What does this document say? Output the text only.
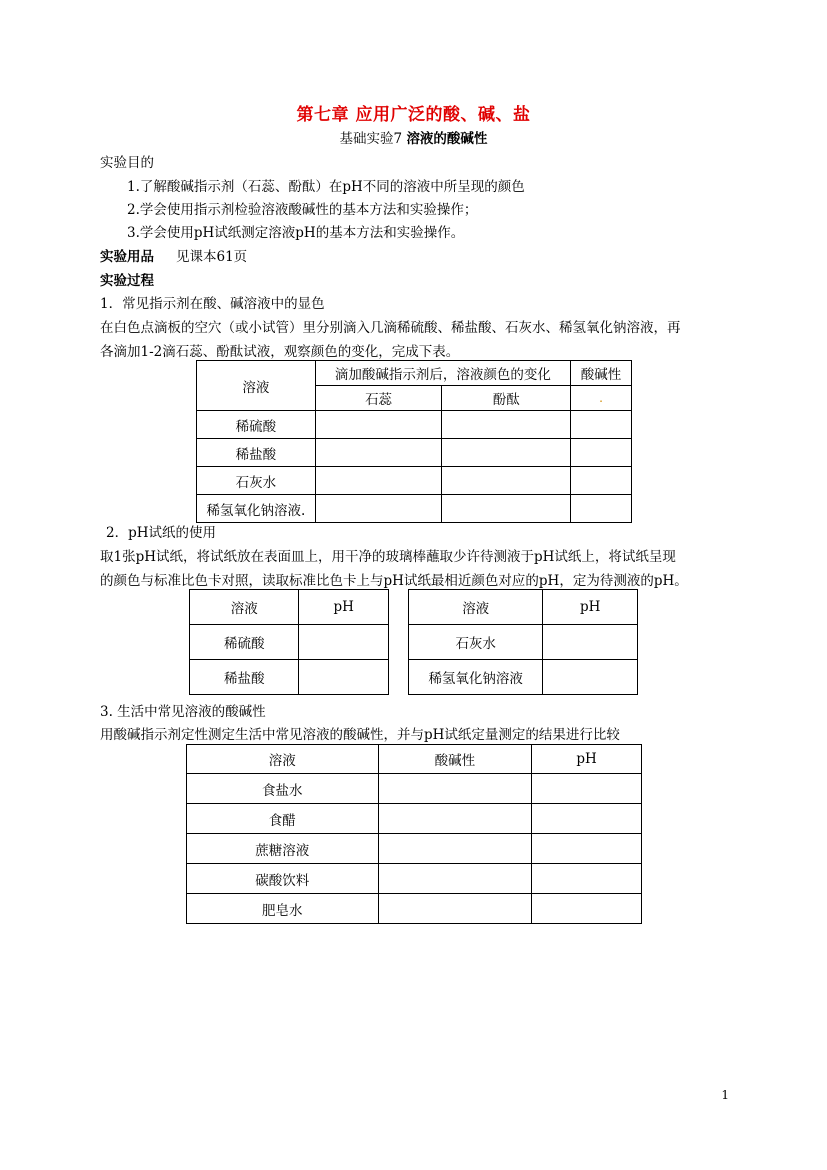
第七章 应用广泛的酸、碱、盐
基础实验7 溶液的酸碱性
实验目的
1.了解酸碱指示剂（石蕊、酚酞）在pH不同的溶液中所呈现的颜色
2.学会使用指示剂检验溶液酸碱性的基本方法和实验操作；
3.学会使用pH试纸测定溶液pH的基本方法和实验操作。
实验用品 见课本61页
实验过程
1．常见指示剂在酸、碱溶液中的显色
在白色点滴板的空穴（或小试管）里分别滴入几滴稀硫酸、稀盐酸、石灰水、稀氢氧化钠溶液，再
各滴加1-2滴石蕊、酚酞试液，观察颜色的变化，完成下表。
溶液	滴加酸碱指示剂后，溶液颜色的变化		酸碱性
	石蕊	酚酞	.
稀硫酸			
稀盐酸			
石灰水			
稀氢氧化钠溶液.			
2．pH试纸的使用
取1张pH试纸，将试纸放在表面皿上，用干净的玻璃棒蘸取少许待测液于pH试纸上，将试纸呈现
的颜色与标准比色卡对照，读取标准比色卡上与pH试纸最相近颜色对应的pH，定为待测液的pH。
溶液	pH
稀硫酸	
稀盐酸	
溶液	pH
石灰水	
稀氢氧化钠溶液	
3. 生活中常见溶液的酸碱性
用酸碱指示剂定性测定生活中常见溶液的酸碱性，并与pH试纸定量测定的结果进行比较
溶液	酸碱性	pH
食盐水		
食醋		
蔗糖溶液		
碳酸饮料		
肥皂水		
1
